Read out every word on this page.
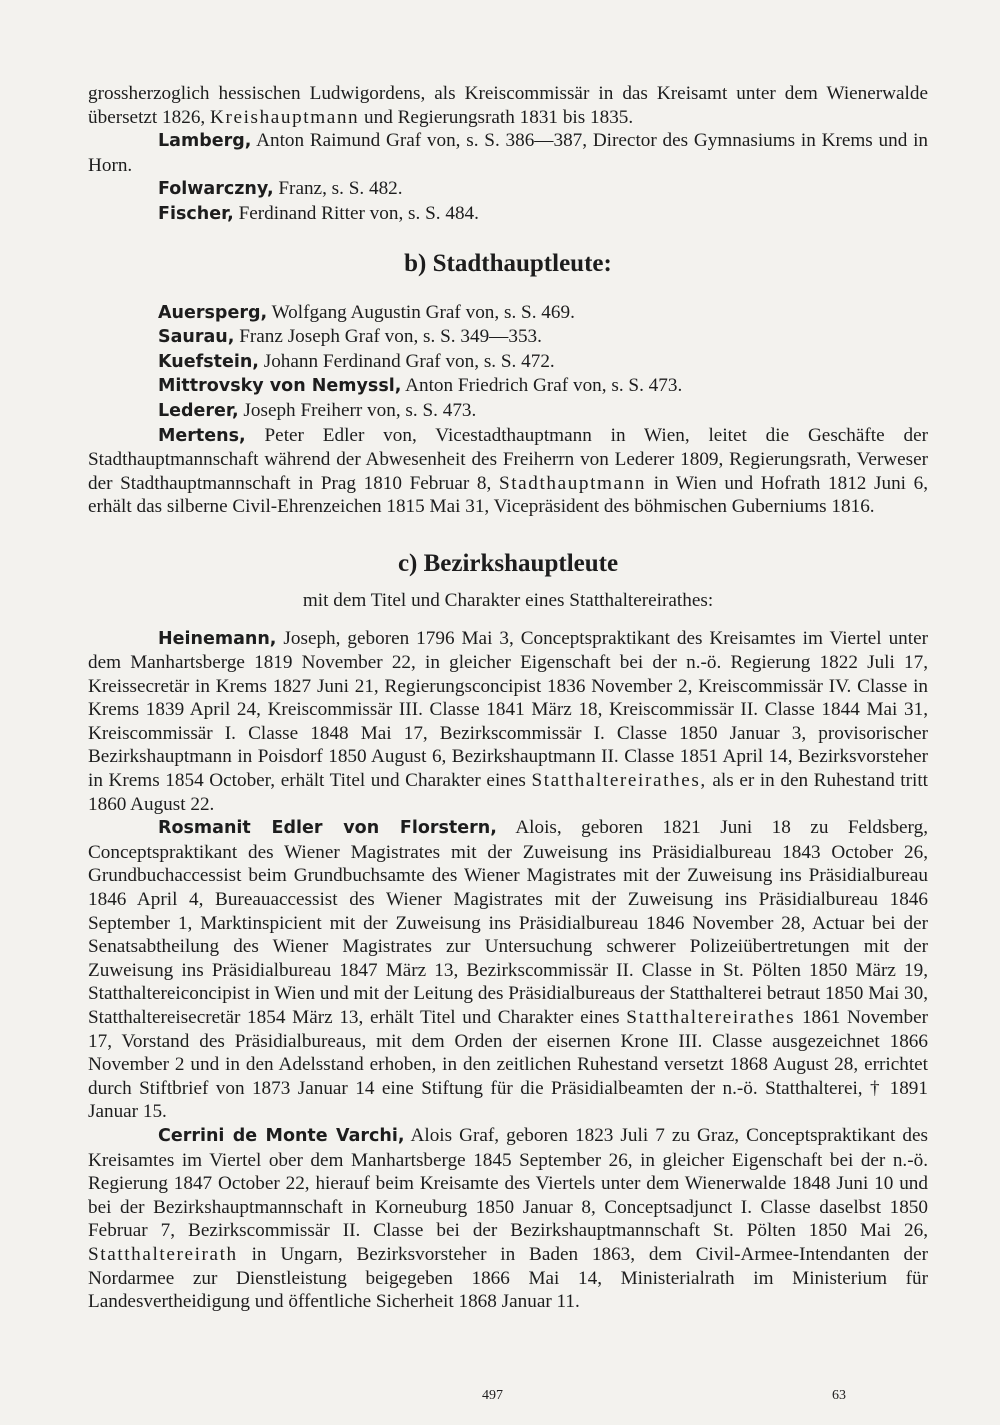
grossherzoglich hessischen Ludwigordens, als Kreiscommissär in das Kreisamt unter dem Wienerwalde übersetzt 1826, Kreishauptmann und Regierungsrath 1831 bis 1835.

Lamberg, Anton Raimund Graf von, s. S. 386—387, Director des Gymnasiums in Krems und in Horn.

Folwarczny, Franz, s. S. 482.

Fischer, Ferdinand Ritter von, s. S. 484.

b) Stadthauptleute:

Auersperg, Wolfgang Augustin Graf von, s. S. 469.

Saurau, Franz Joseph Graf von, s. S. 349—353.

Kuefstein, Johann Ferdinand Graf von, s. S. 472.

Mittrovsky von Nemyssl, Anton Friedrich Graf von, s. S. 473.

Lederer, Joseph Freiherr von, s. S. 473.

Mertens, Peter Edler von, Vicestadthauptmann in Wien, leitet die Geschäfte der Stadthauptmannschaft während der Abwesenheit des Freiherrn von Lederer 1809, Regierungsrath, Verweser der Stadthauptmannschaft in Prag 1810 Februar 8, Stadthauptmann in Wien und Hofrath 1812 Juni 6, erhält das silberne Civil-Ehrenzeichen 1815 Mai 31, Vicepräsident des böhmischen Guberniums 1816.

c) Bezirkshauptleute

mit dem Titel und Charakter eines Statthaltereirathes:

Heinemann, Joseph, geboren 1796 Mai 3, Conceptspraktikant des Kreisamtes im Viertel unter dem Manhartsberge 1819 November 22, in gleicher Eigenschaft bei der n.-ö. Regierung 1822 Juli 17, Kreissecretär in Krems 1827 Juni 21, Regierungsconcipist 1836 November 2, Kreiscommissär IV. Classe in Krems 1839 April 24, Kreiscommissär III. Classe 1841 März 18, Kreiscommissär II. Classe 1844 Mai 31, Kreiscommissär I. Classe 1848 Mai 17, Bezirkscommissär I. Classe 1850 Januar 3, provisorischer Bezirkshauptmann in Poisdorf 1850 August 6, Bezirkshauptmann II. Classe 1851 April 14, Bezirksvorsteher in Krems 1854 October, erhält Titel und Charakter eines Statthaltereirathes, als er in den Ruhestand tritt 1860 August 22.

Rosmanit Edler von Florstern, Alois, geboren 1821 Juni 18 zu Feldsberg, Conceptspraktikant des Wiener Magistrates mit der Zuweisung ins Präsidialbureau 1843 October 26, Grundbuchaccessist beim Grundbuchsamte des Wiener Magistrates mit der Zuweisung ins Präsidialbureau 1846 April 4, Bureauaccessist des Wiener Magistrates mit der Zuweisung ins Präsidialbureau 1846 September 1, Marktinspicient mit der Zuweisung ins Präsidialbureau 1846 November 28, Actuar bei der Senatsabtheilung des Wiener Magistrates zur Untersuchung schwerer Polizeiübertretungen mit der Zuweisung ins Präsidialbureau 1847 März 13, Bezirkscommissär II. Classe in St. Pölten 1850 März 19, Statthaltereiconcipist in Wien und mit der Leitung des Präsidialbureaus der Statthalterei betraut 1850 Mai 30, Statthaltereisecretär 1854 März 13, erhält Titel und Charakter eines Statthaltereirathes 1861 November 17, Vorstand des Präsidialbureaus, mit dem Orden der eisernen Krone III. Classe ausgezeichnet 1866 November 2 und in den Adelsstand erhoben, in den zeitlichen Ruhestand versetzt 1868 August 28, errichtet durch Stiftbrief von 1873 Januar 14 eine Stiftung für die Präsidialbeamten der n.-ö. Statthalterei, † 1891 Januar 15.

Cerrini de Monte Varchi, Alois Graf, geboren 1823 Juli 7 zu Graz, Conceptspraktikant des Kreisamtes im Viertel ober dem Manhartsberge 1845 September 26, in gleicher Eigenschaft bei der n.-ö. Regierung 1847 October 22, hierauf beim Kreisamte des Viertels unter dem Wienerwalde 1848 Juni 10 und bei der Bezirkshauptmannschaft in Korneuburg 1850 Januar 8, Conceptsadjunct I. Classe daselbst 1850 Februar 7, Bezirkscommissär II. Classe bei der Bezirkshauptmannschaft St. Pölten 1850 Mai 26, Statthaltereirath in Ungarn, Bezirksvorsteher in Baden 1863, dem Civil-Armee-Intendanten der Nordarmee zur Dienstleistung beigegeben 1866 Mai 14, Ministerialrath im Ministerium für Landesvertheidigung und öffentliche Sicherheit 1868 Januar 11.

497	63
